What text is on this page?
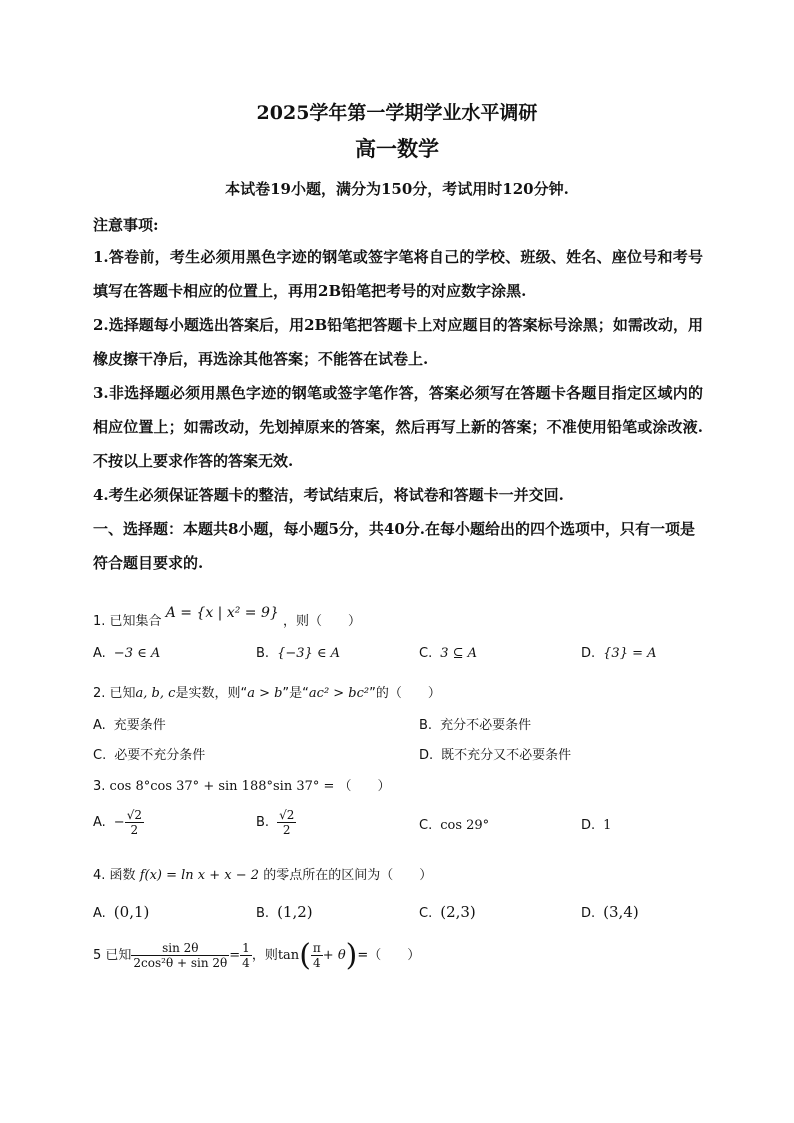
2025学年第一学期学业水平调研
高一数学
本试卷19小题，满分为150分，考试用时120分钟.
注意事项:

1.答卷前，考生必须用黑色字迹的钢笔或签字笔将自己的学校、班级、姓名、座位号和考号填写在答题卡相应的位置上，再用2B铅笔把考号的对应数字涂黑.

2.选择题每小题选出答案后，用2B铅笔把答题卡上对应题目的答案标号涂黑；如需改动，用橡皮擦干净后，再选涂其他答案；不能答在试卷上.

3.非选择题必须用黑色字迹的钢笔或签字笔作答，答案必须写在答题卡各题目指定区域内的相应位置上；如需改动，先划掉原来的答案，然后再写上新的答案；不准使用铅笔或涂改液.不按以上要求作答的答案无效.

4.考生必须保证答题卡的整洁，考试结束后，将试卷和答题卡一并交回.

一、选择题：本题共8小题，每小题5分，共40分.在每小题给出的四个选项中，只有一项是符合题目要求的.
1. 已知集合 A = {x | x² = 9} ，则（　　）
A. −3 ∈ A	B. {−3} ∈ A	C. 3 ⊆ A	D. {3} = A
2. 已知a, b, c是实数，则“a > b”是“ac² > bc²”的（　　）
A. 充要条件	B. 充分不必要条件
C. 必要不充分条件	D. 既不充分又不必要条件
3. cos 8°cos 37° + sin 188°sin 37° = （　　）
A. − $\frac{√2}{2}$	B. $\frac{√2}{2}$	C. cos 29°	D. 1
4. 函数 f(x) = ln x + x − 2 的零点所在的区间为（　　）
A. (0,1)	B. (1,2)	C. (2,3)	D. (3,4)
5 已知 $\frac{\sin 2\theta}{\text{2cos²θ + sin 2θ}} = \frac{1}{4}$ ，则$\tan( \frac{\pi}{4} + \theta)=$（　　）
